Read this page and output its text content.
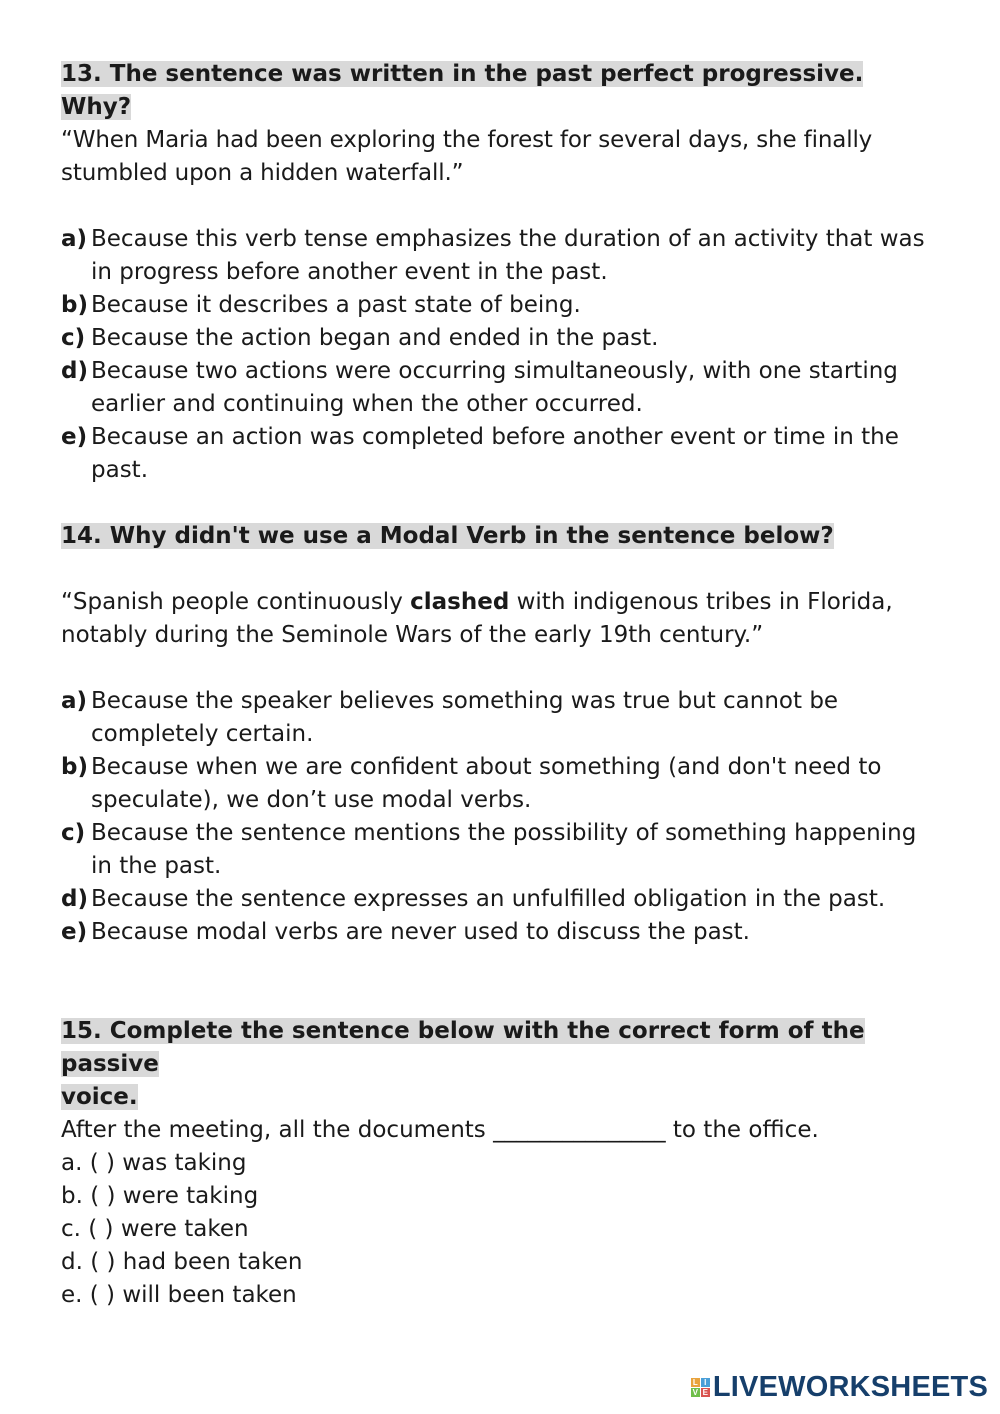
13. The sentence was written in the past perfect progressive. Why?

“When Maria had been exploring the forest for several days, she finally stumbled upon a hidden waterfall.”

a) Because this verb tense emphasizes the duration of an activity that was in progress before another event in the past.
b) Because it describes a past state of being.
c) Because the action began and ended in the past.
d) Because two actions were occurring simultaneously, with one starting earlier and continuing when the other occurred.
e) Because an action was completed before another event or time in the past.

14. Why didn't we use a Modal Verb in the sentence below?

“Spanish people continuously clashed with indigenous tribes in Florida, notably during the Seminole Wars of the early 19th century.”

a) Because the speaker believes something was true but cannot be completely certain.
b) Because when we are confident about something (and don't need to speculate), we don’t use modal verbs.
c) Because the sentence mentions the possibility of something happening in the past.
d) Because the sentence expresses an unfulfilled obligation in the past.
e) Because modal verbs are never used to discuss the past.

15. Complete the sentence below with the correct form of the passive
voice.

After the meeting, all the documents _______________ to the office.

a. ( ) was taking
b. ( ) were taking
c. ( ) were taken
d. ( ) had been taken
e. ( ) will been taken
L I
V E LIVEWORKSHEETS
